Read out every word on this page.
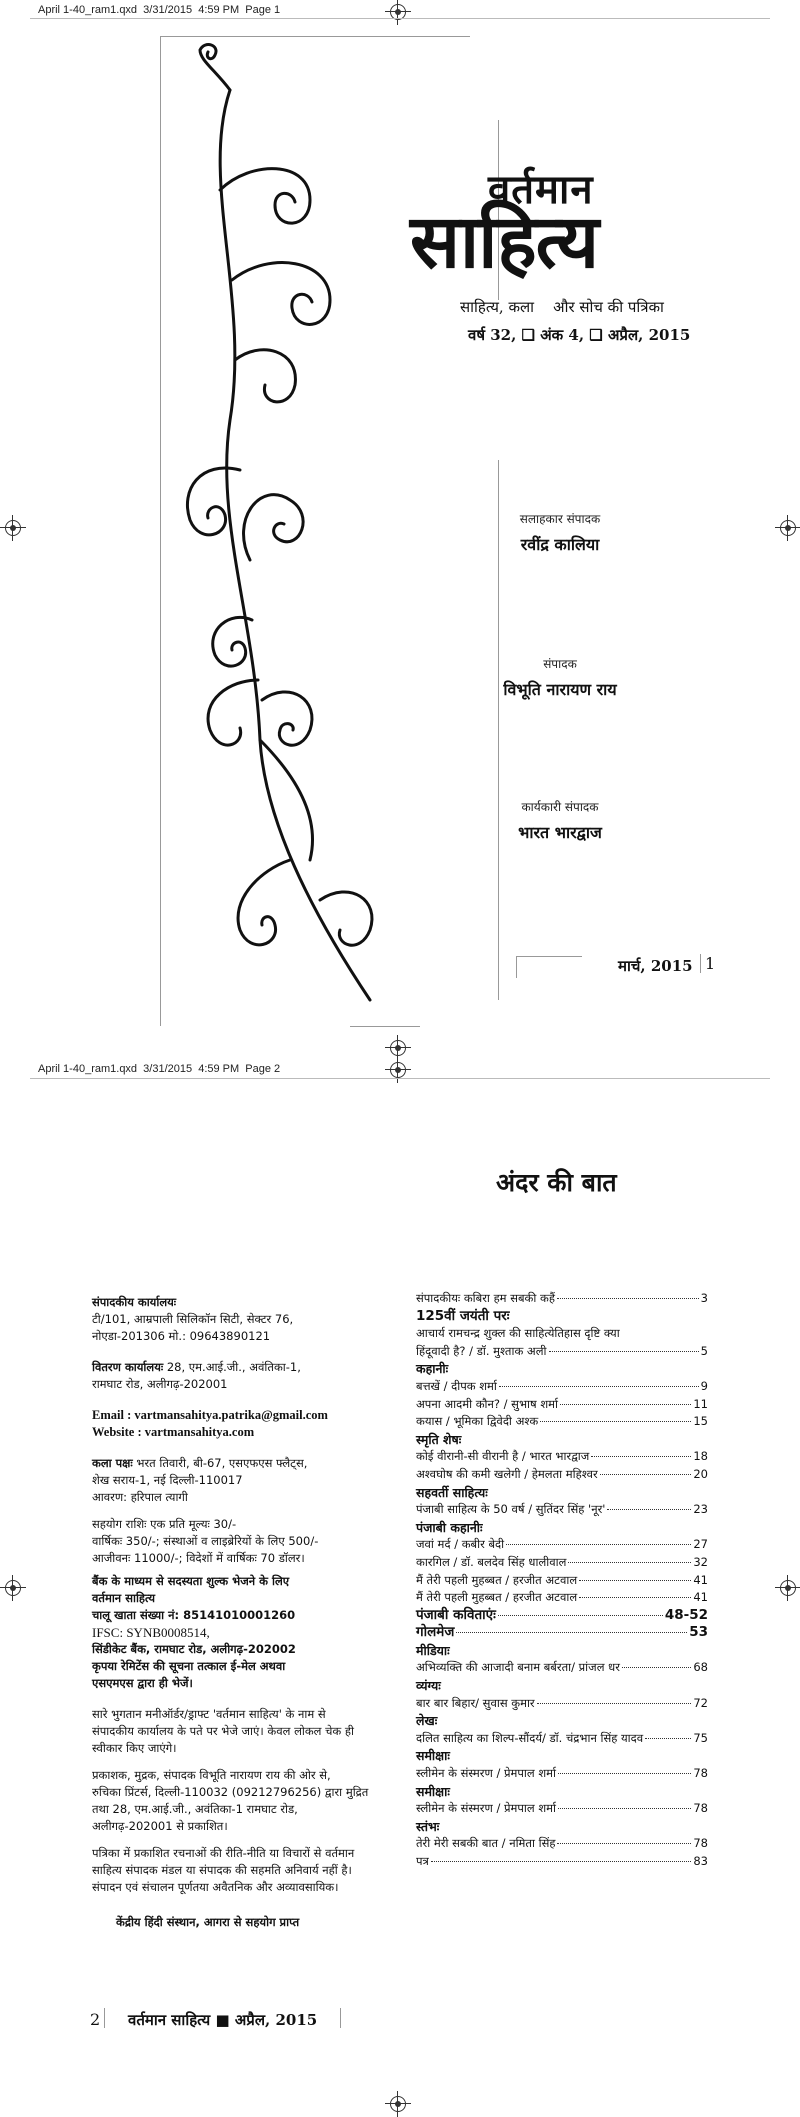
April 1-40_ram1.qxd  3/31/2015  4:59 PM  Page 1
वर्तमान
साहित्य
साहित्य, कला    और सोच की पत्रिका
वर्ष 32, ❑ अंक 4, ❑ अप्रैल, 2015
सलाहकार संपादक
रवींद्र कालिया
संपादक
विभूति नारायण राय
कार्यकारी संपादक
भारत भारद्वाज
मार्च, 2015 1
April 1-40_ram1.qxd  3/31/2015  4:59 PM  Page 2
अंदर की बात
संपादकीय कार्यालयः
टी/101, आम्रपाली सिलिकॉन सिटी, सेक्टर 76,
नोएडा-201306 मो.: 09643890121
वितरण कार्यालयः 28, एम.आई.जी., अवंतिका-1,
रामघाट रोड, अलीगढ़-202001
Email : vartmansahitya.patrika@gmail.com
Website : vartmansahitya.com
कला पक्षः भरत तिवारी, बी-67, एसएफएस फ्लैट्स,
शेख सराय-1, नई दिल्ली-110017
आवरण: हरिपाल त्यागी
सहयोग राशिः एक प्रति मूल्यः 30/-
वार्षिकः 350/-; संस्थाओं व लाइब्रेरियों के लिए 500/-
आजीवनः 11000/-; विदेशों में वार्षिकः 70 डॉलर।
बैंक के माध्यम से सदस्यता शुल्क भेजने के लिए
वर्तमान साहित्य
चालू खाता संख्या नं: 85141010001260
IFSC: SYNB0008514,
सिंडीकेट बैंक, रामघाट रोड, अलीगढ़-202002
कृपया रेमिटेंस की सूचना तत्काल ई-मेल अथवा
एसएमएस द्वारा ही भेजें।
सारे भुगतान मनीऑर्डर/ड्राफ्ट 'वर्तमान साहित्य' के नाम से
संपादकीय कार्यालय के पते पर भेजे जाएं। केवल लोकल चेक ही
स्वीकार किए जाएंगे।
प्रकाशक, मुद्रक, संपादक विभूति नारायण राय की ओर से,
रुचिका प्रिंटर्स, दिल्ली-110032 (09212796256) द्वारा मुद्रित
तथा 28, एम.आई.जी., अवंतिका-1 रामघाट रोड,
अलीगढ़-202001 से प्रकाशित।
पत्रिका में प्रकाशित रचनाओं की रीति-नीति या विचारों से वर्तमान
साहित्य संपादक मंडल या संपादक की सहमति अनिवार्य नहीं है।
संपादन एवं संचालन पूर्णतया अवैतनिक और अव्यावसायिक।
केंद्रीय हिंदी संस्थान, आगरा से सहयोग प्राप्त
संपादकीयः कबिरा हम सबकी कहैं	3
125वीं जयंती परः
आचार्य रामचन्द्र शुक्ल की साहित्येतिहास दृष्टि क्या
हिंदूवादी है? / डॉ. मुश्ताक अली	5
कहानीः
बत्तखें / दीपक शर्मा	9
अपना आदमी कौन? / सुभाष शर्मा	11
कयास / भूमिका द्विवेदी अश्क	15
स्मृति शेषः
कोई वीरानी-सी वीरानी है / भारत भारद्वाज	18
अश्वघोष की कमी खलेगी / हेमलता महिश्वर	20
सहवर्ती साहित्यः
पंजाबी साहित्य के 50 वर्ष / सुतिंदर सिंह 'नूर'	23
पंजाबी कहानीः
जवां मर्द / कबीर बेदी	27
कारगिल / डॉ. बलदेव सिंह धालीवाल	32
मैं तेरी पहली मुहब्बत / हरजीत अटवाल	41
मैं तेरी पहली मुहब्बत / हरजीत अटवाल	41
पंजाबी कविताएंः	48-52
गोलमेज	53
मीडियाः
अभिव्यक्ति की आजादी बनाम बर्बरता/ प्रांजल धर	68
व्यंग्यः
बार बार बिहार/ सुवास कुमार	72
लेखः
दलित साहित्य का शिल्प-सौंदर्य/ डॉ. चंद्रभान सिंह यादव	75
समीक्षाः
स्लीमेन के संस्मरण / प्रेमपाल शर्मा	78
समीक्षाः
स्लीमेन के संस्मरण / प्रेमपाल शर्मा	78
स्तंभः
तेरी मेरी सबकी बात / नमिता सिंह	78
पत्र	83
2 वर्तमान साहित्य ■ अप्रैल, 2015
